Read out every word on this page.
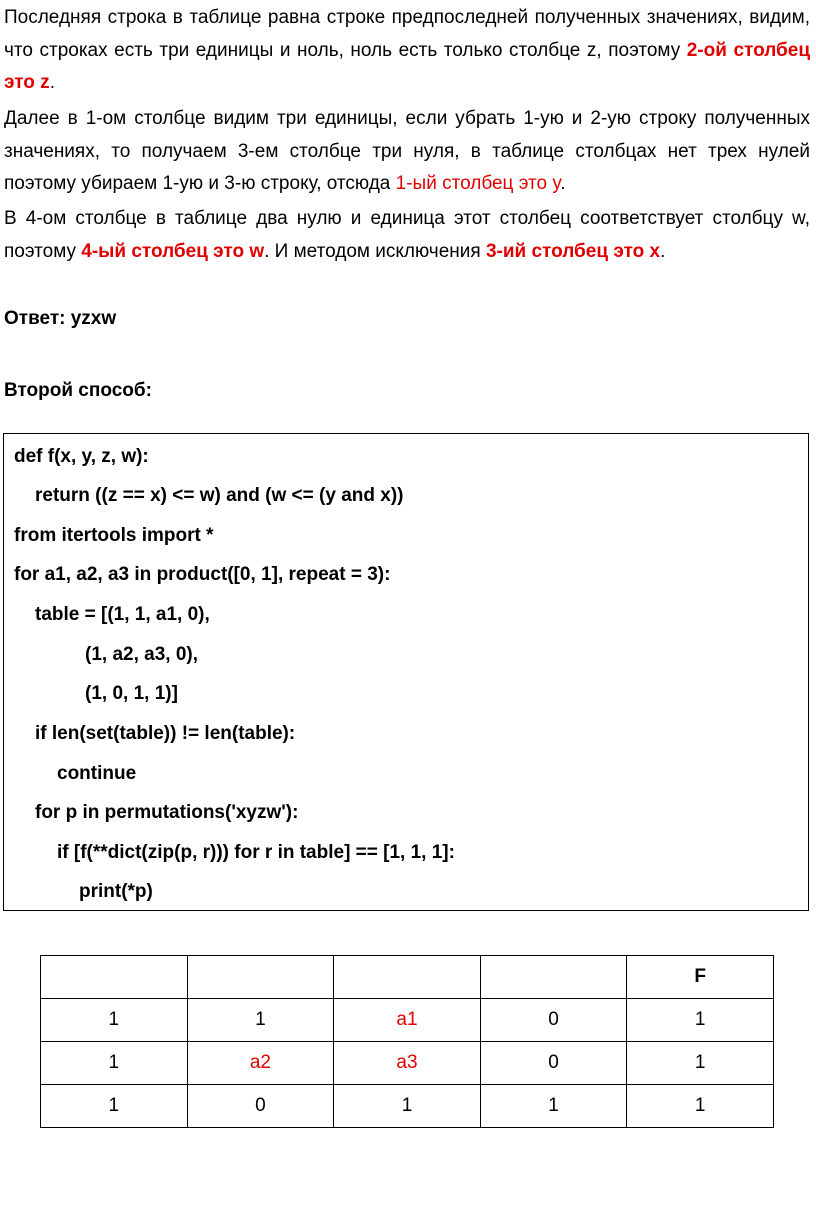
Последняя строка в таблице равна строке предпоследней полученных значениях, видим, что строках есть три единицы и ноль, ноль есть только столбце z, поэтому 2-ой столбец это z.
Далее в 1-ом столбце видим три единицы, если убрать 1-ую и 2-ую строку полученных значениях, то получаем 3-ем столбце три нуля, в таблице столбцах нет трех нулей поэтому убираем 1-ую и 3-ю строку, отсюда 1-ый столбец это y.
В 4-ом столбце в таблице два нулю и единица этот столбец соответствует столбцу w, поэтому 4-ый столбец это w. И методом исключения 3-ий столбец это x.
Ответ: yzxw
Второй способ:
def f(x, y, z, w):
return ((z == x) <= w) and (w <= (y and x))
from itertools import *
for a1, a2, a3 in product([0, 1], repeat = 3):
table = [(1, 1, a1, 0),
(1, a2, a3, 0),
(1, 0, 1, 1)]
if len(set(table)) != len(table):
continue
for p in permutations('xyzw'):
if [f(**dict(zip(p, r))) for r in table] == [1, 1, 1]:
print(*p)
				F
1	1	a1	0	1
1	a2	a3	0	1
1	0	1	1	1
